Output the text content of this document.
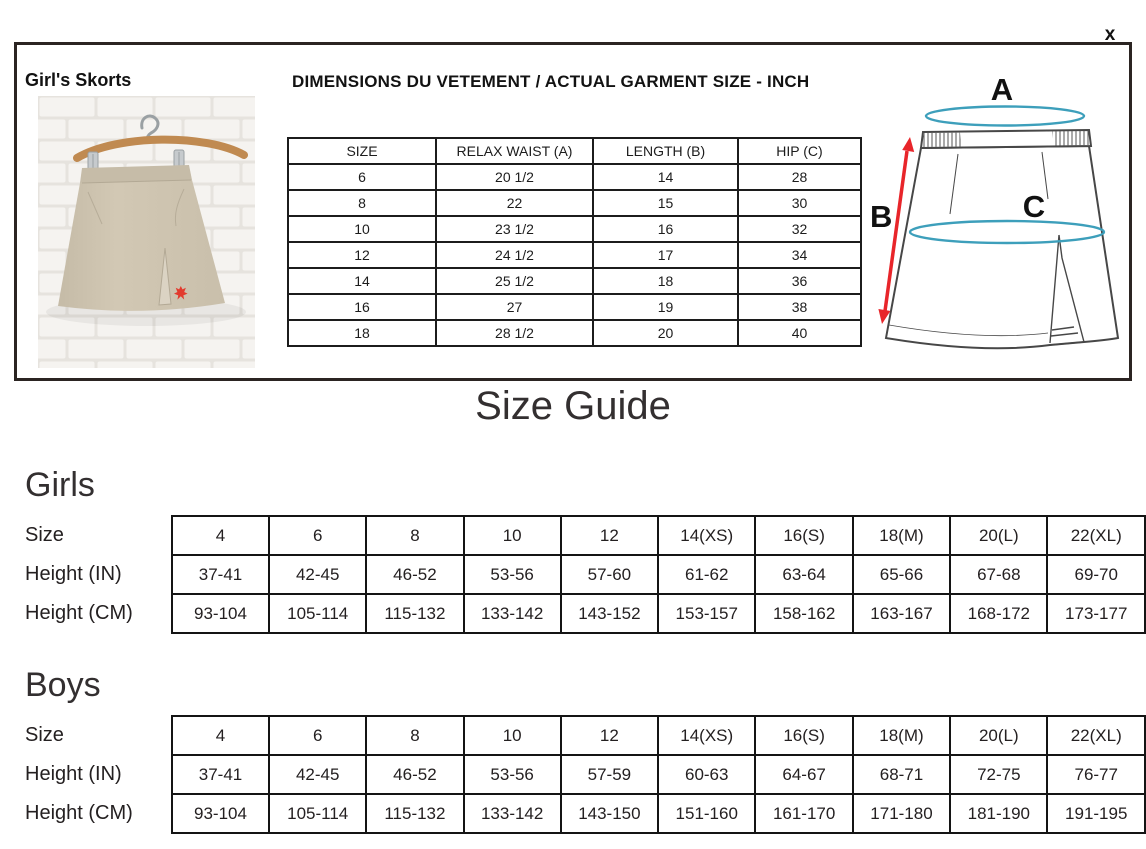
x
Girl's Skorts	DIMENSIONS DU VETEMENT / ACTUAL GARMENT SIZE - INCH
SIZE	RELAX WAIST (A)	LENGTH (B)	HIP (C)
6	20 1/2	14	28
8	22	15	30
10	23 1/2	16	32
12	24 1/2	17	34
14	25 1/2	18	36
16	27	19	38
18	28 1/2	20	40
A
B	C
Size Guide
Girls
Size	4	6	8	10	12	14(XS)	16(S)	18(M)	20(L)	22(XL)
Height (IN)	37-41	42-45	46-52	53-56	57-60	61-62	63-64	65-66	67-68	69-70
Height (CM)	93-104	105-114	115-132	133-142	143-152	153-157	158-162	163-167	168-172	173-177
Boys
Size	4	6	8	10	12	14(XS)	16(S)	18(M)	20(L)	22(XL)
Height (IN)	37-41	42-45	46-52	53-56	57-59	60-63	64-67	68-71	72-75	76-77
Height (CM)	93-104	105-114	115-132	133-142	143-150	151-160	161-170	171-180	181-190	191-195
